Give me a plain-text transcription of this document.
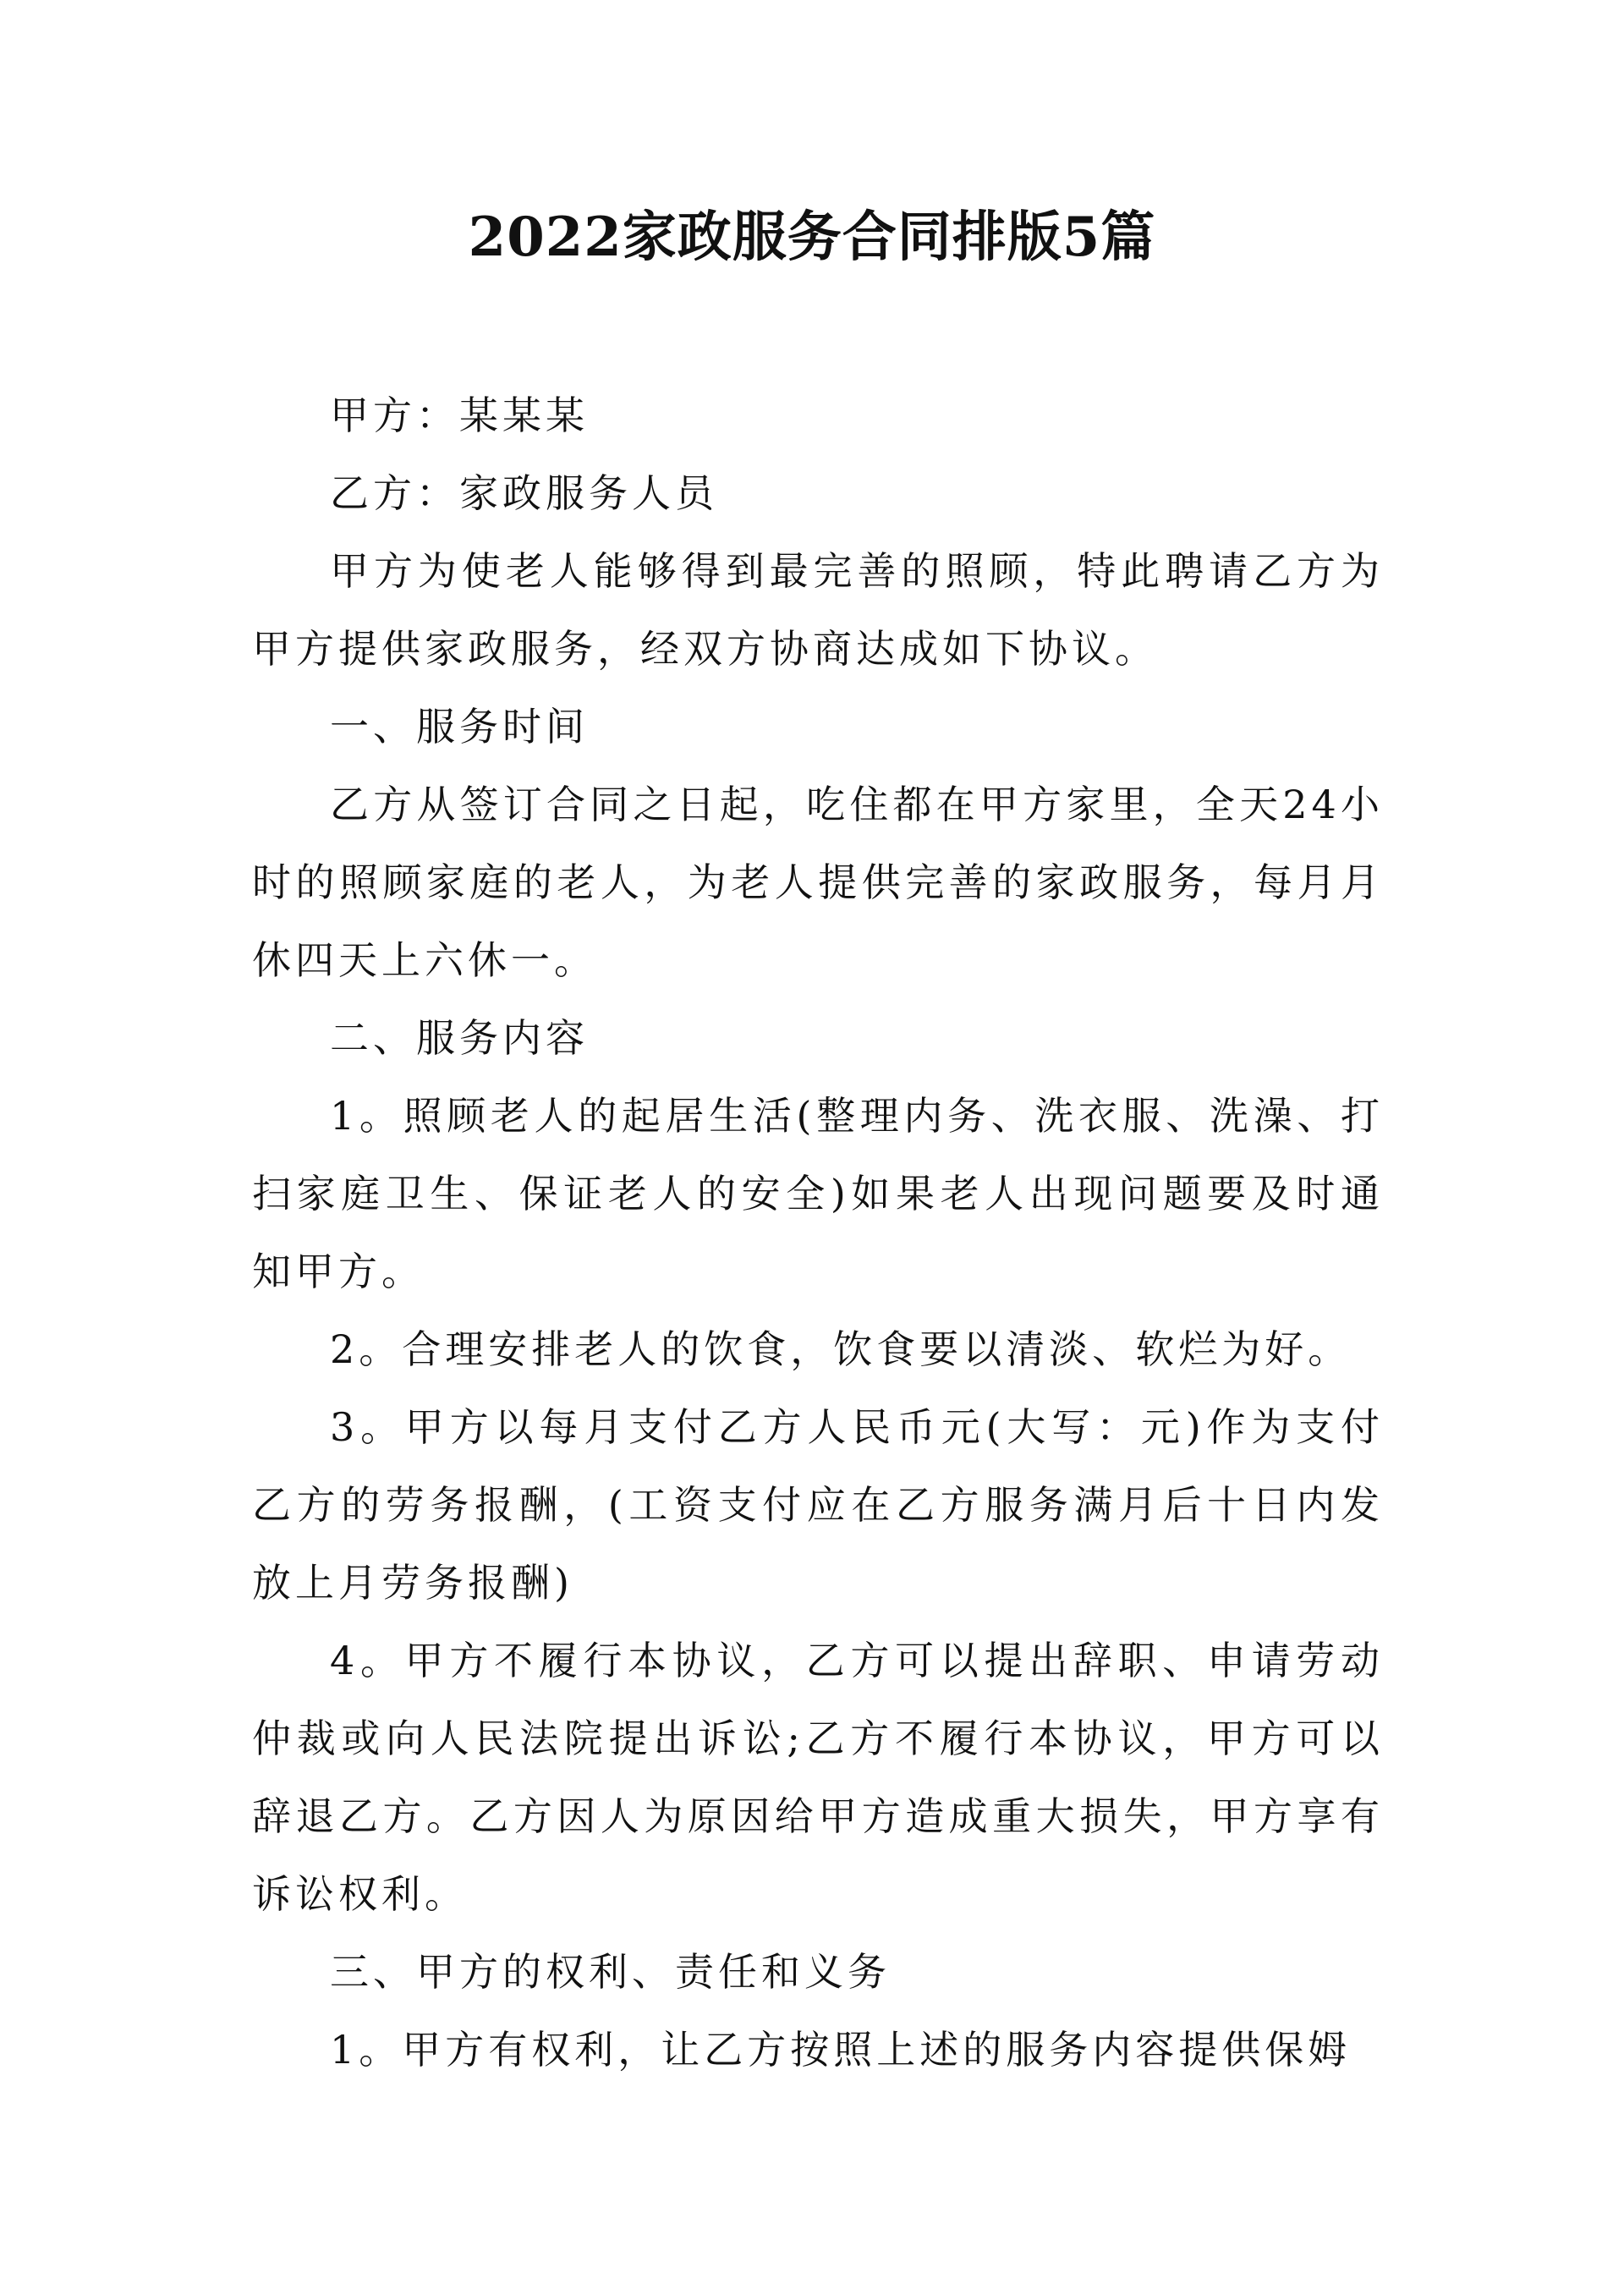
2022家政服务合同排版5篇

甲方：某某某

乙方：家政服务人员

甲方为使老人能够得到最完善的照顾，特此聘请乙方为甲方提供家政服务，经双方协商达成如下协议。

一、服务时间

乙方从签订合同之日起，吃住都在甲方家里，全天24小时的照顾家庭的老人，为老人提供完善的家政服务，每月月休四天上六休一。

二、服务内容

1。照顾老人的起居生活(整理内务、洗衣服、洗澡、打扫家庭卫生、保证老人的安全)如果老人出现问题要及时通知甲方。

2。合理安排老人的饮食，饮食要以清淡、软烂为好。

3。甲方以每月支付乙方人民币元(大写：元)作为支付乙方的劳务报酬，(工资支付应在乙方服务满月后十日内发放上月劳务报酬)

4。甲方不履行本协议，乙方可以提出辞职、申请劳动仲裁或向人民法院提出诉讼;乙方不履行本协议，甲方可以辞退乙方。乙方因人为原因给甲方造成重大损失，甲方享有诉讼权利。

三、甲方的权利、责任和义务

1。甲方有权利，让乙方按照上述的服务内容提供保姆
